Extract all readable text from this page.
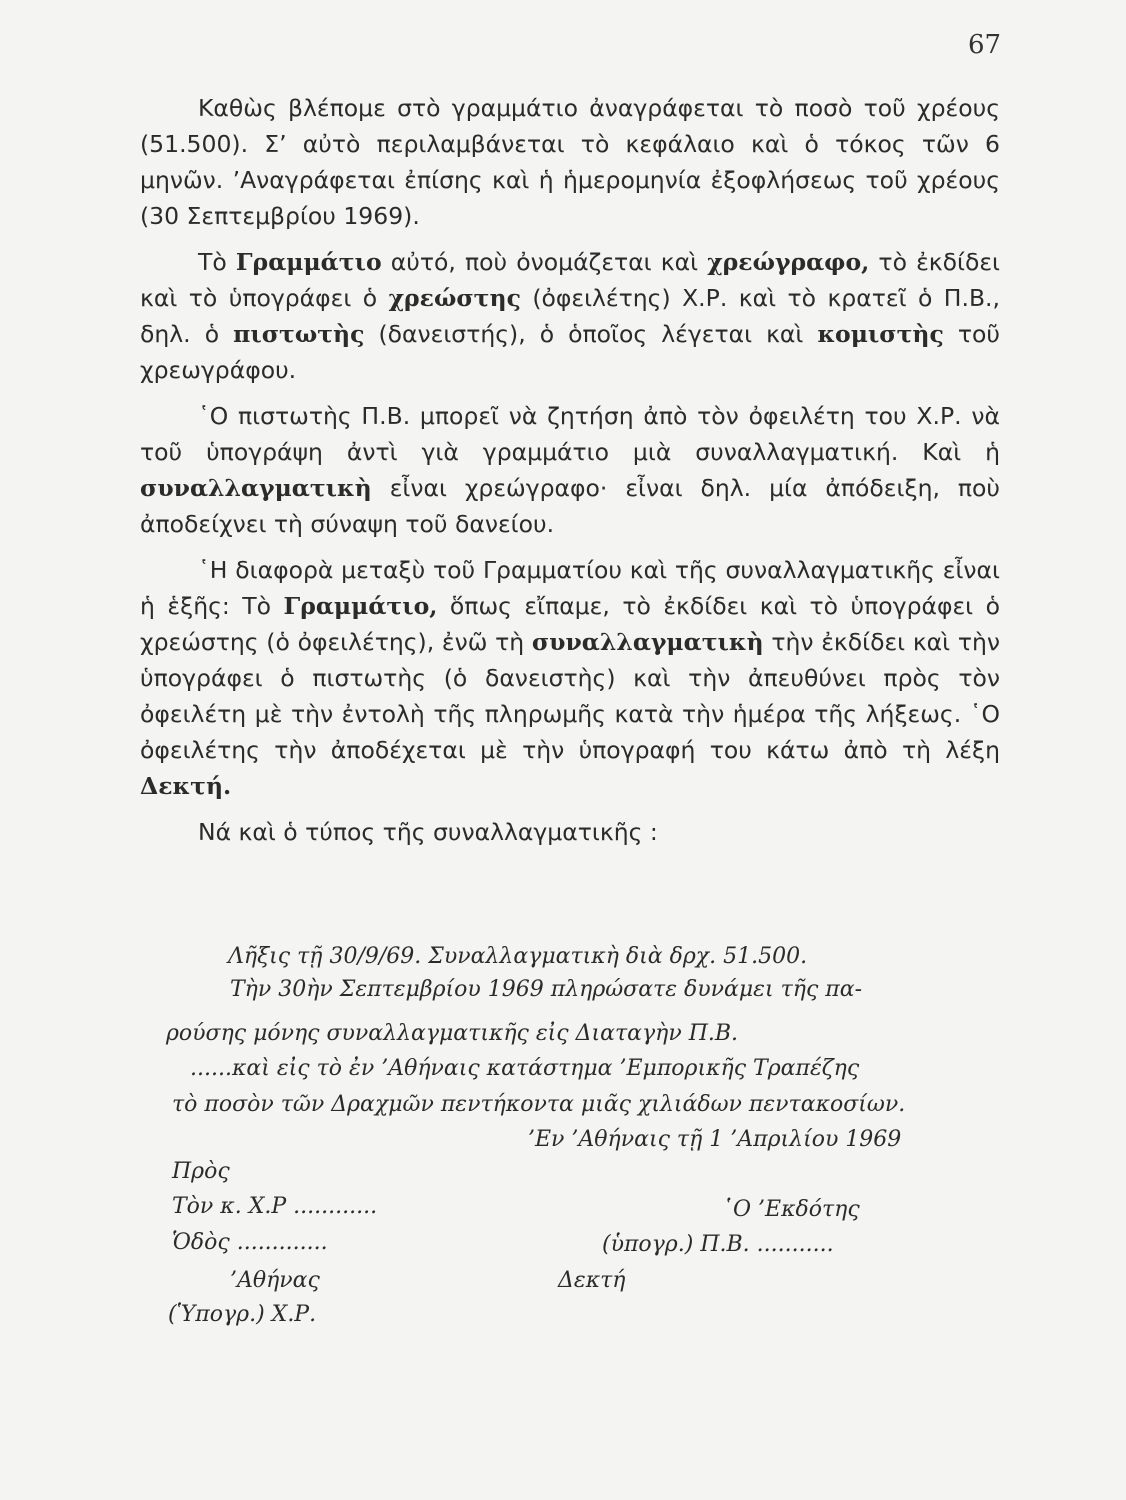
67

Καθὼς βλέπομε στὸ γραμμάτιο ἀναγράφεται τὸ ποσὸ τοῦ χρέους (51.500). Σ’ αὐτὸ περιλαμβάνεται τὸ κεφάλαιο καὶ ὁ τόκος τῶν 6 μηνῶν. ’Αναγράφεται ἐπίσης καὶ ἡ ἡμερομηνία ἐξοφλήσεως τοῦ χρέους (30 Σεπτεμβρίου 1969).

Τὸ Γραμμάτιο αὐτό, ποὺ ὀνομάζεται καὶ χρεώγραφο, τὸ ἐκδίδει καὶ τὸ ὑπογράφει ὁ χρεώστης (ὀφειλέτης) Χ.Ρ. καὶ τὸ κρατεῖ ὁ Π.Β., δηλ. ὁ πιστωτὴς (δανειστής), ὁ ὁποῖος λέγεται καὶ κομιστὴς τοῦ χρεωγράφου.

῾Ο πιστωτὴς Π.Β. μπορεῖ νὰ ζητήση ἀπὸ τὸν ὀφειλέτη του Χ.Ρ. νὰ τοῦ ὑπογράψη ἀντὶ γιὰ γραμμάτιο μιὰ συναλλαγματική. Καὶ ἡ συναλλαγματικὴ εἶναι χρεώγραφο· εἶναι δηλ. μία ἀπόδειξη, ποὺ ἀποδείχνει τὴ σύναψη τοῦ δανείου.

῾Η διαφορὰ μεταξὺ τοῦ Γραμματίου καὶ τῆς συναλλαγματικῆς εἶναι ἡ ἑξῆς: Τὸ Γραμμάτιο, ὅπως εἴπαμε, τὸ ἐκδίδει καὶ τὸ ὑπογράφει ὁ χρεώστης (ὁ ὀφειλέτης), ἐνῶ τὴ συναλλαγματικὴ τὴν ἐκδίδει καὶ τὴν ὑπογράφει ὁ πιστωτὴς (ὁ δανειστὴς) καὶ τὴν ἀπευθύνει πρὸς τὸν ὀφειλέτη μὲ τὴν ἐντολὴ τῆς πληρωμῆς κατὰ τὴν ἡμέρα τῆς λήξεως. ῾Ο ὀφειλέτης τὴν ἀποδέχεται μὲ τὴν ὑπογραφή του κάτω ἀπὸ τὴ λέξη Δεκτή.

Νά καὶ ὁ τύπος τῆς συναλλαγματικῆς :

Λῆξις τῇ 30/9/69. Συναλλαγματικὴ διὰ δρχ. 51.500.
Τὴν 30ὴν Σεπτεμβρίου 1969 πληρώσατε δυνάμει τῆς πα-
ρούσης μόνης συναλλαγματικῆς εἰς Διαταγὴν Π.Β.
......καὶ εἰς τὸ ἐν ’Αθήναις κατάστημα ’Εμπορικῆς Τραπέζης
τὸ ποσὸν τῶν Δραχμῶν πεντήκοντα μιᾶς χιλιάδων πεντακοσίων.
’Εν ’Αθήναις τῇ 1 ’Απριλίου 1969
Πρὸς
Τὸν κ. Χ.Ρ ............	῾Ο ’Εκδότης
Ὁδὸς .............	(ὑπογρ.) Π.Β. ...........
’Αθήνας	Δεκτή
(Ὑπογρ.) Χ.Ρ.
